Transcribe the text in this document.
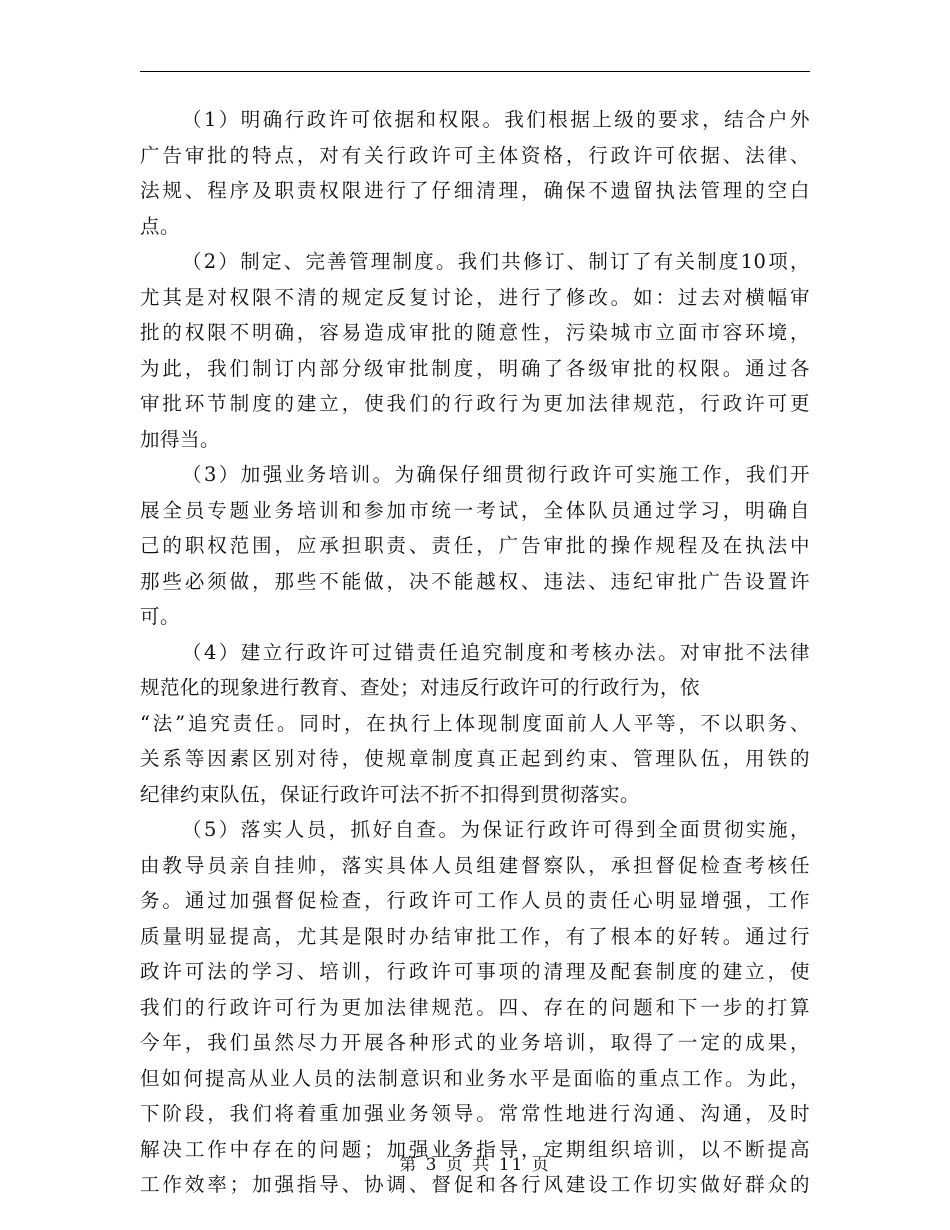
（1）明确行政许可依据和权限。我们根据上级的要求，结合户外
广告审批的特点，对有关行政许可主体资格，行政许可依据、法律、
法规、程序及职责权限进行了仔细清理，确保不遗留执法管理的空白
点。
（2）制定、完善管理制度。我们共修订、制订了有关制度10项，
尤其是对权限不清的规定反复讨论，进行了修改。如：过去对横幅审
批的权限不明确，容易造成审批的随意性，污染城市立面市容环境，
为此，我们制订内部分级审批制度，明确了各级审批的权限。通过各
审批环节制度的建立，使我们的行政行为更加法律规范，行政许可更
加得当。
（3）加强业务培训。为确保仔细贯彻行政许可实施工作，我们开
展全员专题业务培训和参加市统一考试，全体队员通过学习，明确自
己的职权范围，应承担职责、责任，广告审批的操作规程及在执法中
那些必须做，那些不能做，决不能越权、违法、违纪审批广告设置许
可。
（4）建立行政许可过错责任追究制度和考核办法。对审批不法律
规范化的现象进行教育、查处；对违反行政许可的行政行为，依
“法”追究责任。同时，在执行上体现制度面前人人平等，不以职务、
关系等因素区别对待，使规章制度真正起到约束、管理队伍，用铁的
纪律约束队伍，保证行政许可法不折不扣得到贯彻落实。
（5）落实人员，抓好自查。为保证行政许可得到全面贯彻实施，
由教导员亲自挂帅，落实具体人员组建督察队，承担督促检查考核任
务。通过加强督促检查，行政许可工作人员的责任心明显增强，工作
质量明显提高，尤其是限时办结审批工作，有了根本的好转。通过行
政许可法的学习、培训，行政许可事项的清理及配套制度的建立，使
我们的行政许可行为更加法律规范。四、存在的问题和下一步的打算
今年，我们虽然尽力开展各种形式的业务培训，取得了一定的成果，
但如何提高从业人员的法制意识和业务水平是面临的重点工作。为此，
下阶段，我们将着重加强业务领导。常常性地进行沟通、沟通，及时
解决工作中存在的问题；加强业务指导，定期组织培训，以不断提高
工作效率；加强指导、协调、督促和各行风建设工作切实做好群众的
第 3 页 共 11 页
